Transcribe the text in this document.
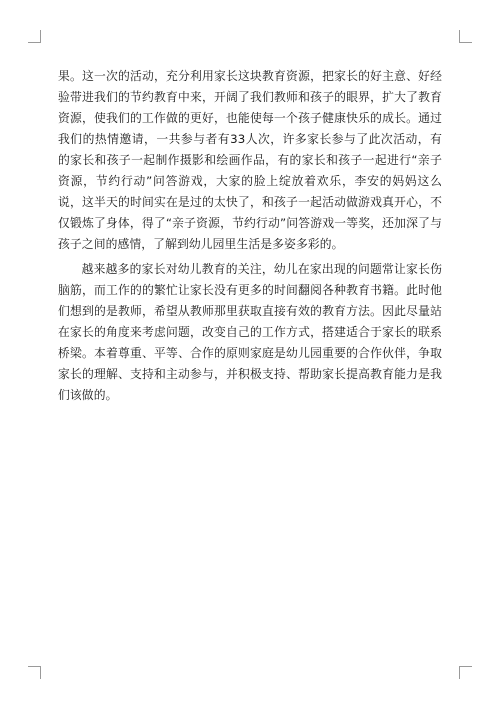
果。这一次的活动，充分利用家长这块教育资源，把家长的好主意、好经验带进我们的节约教育中来，开阔了我们教师和孩子的眼界，扩大了教育资源，使我们的工作做的更好，也能使每一个孩子健康快乐的成长。通过我们的热情邀请，一共参与者有33人次，许多家长参与了此次活动，有的家长和孩子一起制作摄影和绘画作品，有的家长和孩子一起进行“亲子资源，节约行动”问答游戏，大家的脸上绽放着欢乐，李安的妈妈这么说，这半天的时间实在是过的太快了，和孩子一起活动做游戏真开心，不仅锻炼了身体，得了“亲子资源，节约行动”问答游戏一等奖，还加深了与孩子之间的感情，了解到幼儿园里生活是多姿多彩的。

越来越多的家长对幼儿教育的关注，幼儿在家出现的问题常让家长伤脑筋，而工作的的繁忙让家长没有更多的时间翻阅各种教育书籍。此时他们想到的是教师，希望从教师那里获取直接有效的教育方法。因此尽量站在家长的角度来考虑问题，改变自己的工作方式，搭建适合于家长的联系桥梁。本着尊重、平等、合作的原则家庭是幼儿园重要的合作伙伴，争取家长的理解、支持和主动参与，并积极支持、帮助家长提高教育能力是我们该做的。
